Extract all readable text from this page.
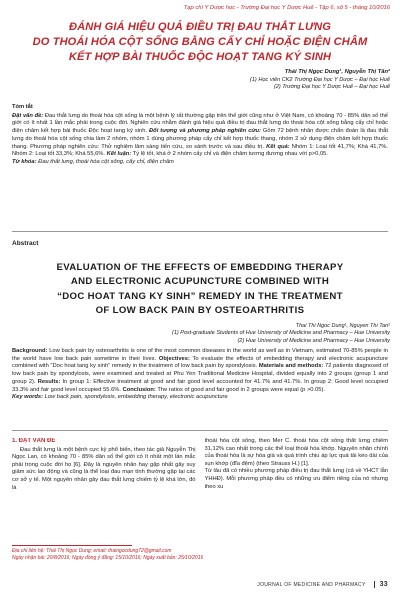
Tạp chí Y Dược học - Trường Đại học Y Dược Huế - Tập 6, số 5 - tháng 10/2016
ĐÁNH GIÁ HIỆU QUẢ ĐIỀU TRỊ ĐAU THẮT LƯNG
DO THOÁI HÓA CỘT SỐNG BẰNG CẤY CHỈ HOẶC ĐIỆN CHÂM
KẾT HỢP BÀI THUỐC ĐỘC HOẠT TANG KÝ SINH
Thái Thị Ngọc Dung¹, Nguyễn Thị Tân²
(1) Học viên CK2 Trường Đại học Y Dược – Đại học Huế
(2) Trường Đại học Y Dược Huế – Đại học Huế
Tóm tắt
Đặt vấn đề: Đau thắt lưng do thoái hóa cột sống là một bệnh lý rất thường gặp trên thế giới cũng như ở Việt Nam, có khoảng 70 - 85% dân số thế giới có ít nhất 1 lần mắc phải trong cuộc đời. Nghiên cứu nhằm đánh giá hiệu quả điều trị đau thắt lưng do thoái hóa cột sống bằng cấy chỉ hoặc điện châm kết hợp bài thuốc Độc hoạt tang ký sinh. Đối tượng và phương pháp nghiên cứu: Gồm 72 bệnh nhân được chẩn đoán là đau thắt lưng do thoái hóa cột sống chia làm 2 nhóm, nhóm 1 dùng phương pháp cấy chỉ kết hợp thuốc thang, nhóm 2 sử dụng điện châm kết hợp thuốc thang. Phương pháp nghiên cứu: Thử nghiệm lâm sàng tiến cứu, so sánh trước và sau điều trị. Kết quả: Nhóm 1: Loại tốt 41,7%; Khá 41,7%. Nhóm 2: Loại tốt 33,3%; Khá 55,6%. Kết luận: Tỷ lệ tốt, khá ở 2 nhóm cấy chỉ và điện châm tương đương nhau với p>0,05.
Từ khóa: Đau thắt lưng, thoái hóa cột sống, cấy chỉ, điện châm
Abstract
EVALUATION OF THE EFFECTS OF EMBEDDING THERAPY
AND ELECTRONIC ACUPUNCTURE COMBINED WITH
“DOC HOAT TANG KY SINH” REMEDY IN THE TREATMENT
OF LOW BACK PAIN BY OSTEOARTHRITIS
Thai Thi Ngoc Dung¹, Nguyen Thi Tan²
(1) Post-graduate Students of Hue University of Medicine and Pharmacy – Hue University
(2) Hue University of Medicine and Pharmacy – Hue University
Background: Low back pain by osteoarthritis is one of the most common diseases in the world as well as in Vietnam, estimated 70-85% people in the world have low back pain sometime in their lives. Objectives: To evaluate the effects of embedding therapy and electronic acupuncture combined with “Doc hoat tang ky sinh” remedy in the treatment of low back pain by spondylosis. Materials and methods: 72 patients diagnosed of low back pain by spondylosis, were examined and treated at Phu Yen Traditional Medicine Hospital, divided equally into 2 groups (group 1 and group 2). Results: In group 1: Effective treatment at good and fair good level accounted for 41.7% and 41.7%. In group 2: Good level occupied 33.3% and fair good level occupied 55.6%. Conclusion: The ratios of good and fair good in 2 groups were equal (p >0.05).
Key words: Low back pain, spondylosis, embedding therapy, electronic acupuncture
1. ĐẶT VẤN ĐỀ
Đau thắt lưng là một bệnh cực kỳ phổ biến, theo tác giả Nguyễn Thị Ngọc Lan, có khoảng 70 - 85% dân số thế giới có ít nhất một lần mắc phải trong cuộc đời họ [6]. Đây là nguyên nhân hay gặp nhất gây suy giảm sức lao động và cũng là thể loại đau mạn tính thường gặp tại các cơ sở y tế. Một nguyên nhân gây đau thắt lưng chiếm tỷ lệ khá lớn, đó là
thoái hóa cột sống, theo Mer C. thoái hóa cột sống thắt lưng chiếm 31,12% cao nhất trong các thể loại thoái hóa khớp. Nguyên nhân chính của thoái hóa là sự hóa già và quá trình chịu áp lực quá tải kéo dài của sụn khớp (đĩa đệm) (theo Strauss H.) [1].
Từ lâu đã có nhiều phương pháp điều trị đau thắt lưng (cả về YHCT lẫn YHHĐ). Mỗi phương pháp đều có những ưu điểm riêng của nó nhưng theo xu
Địa chỉ liên hệ: Thái Thị Ngọc Dung; email: thaingocdung72@gmail.com
Ngày nhận bài: 20/8/2016; Ngày đồng ý đăng: 15/10/2016; Ngày xuất bản: 25/10/2016
JOURNAL OF MEDICINE AND PHARMACY	33
